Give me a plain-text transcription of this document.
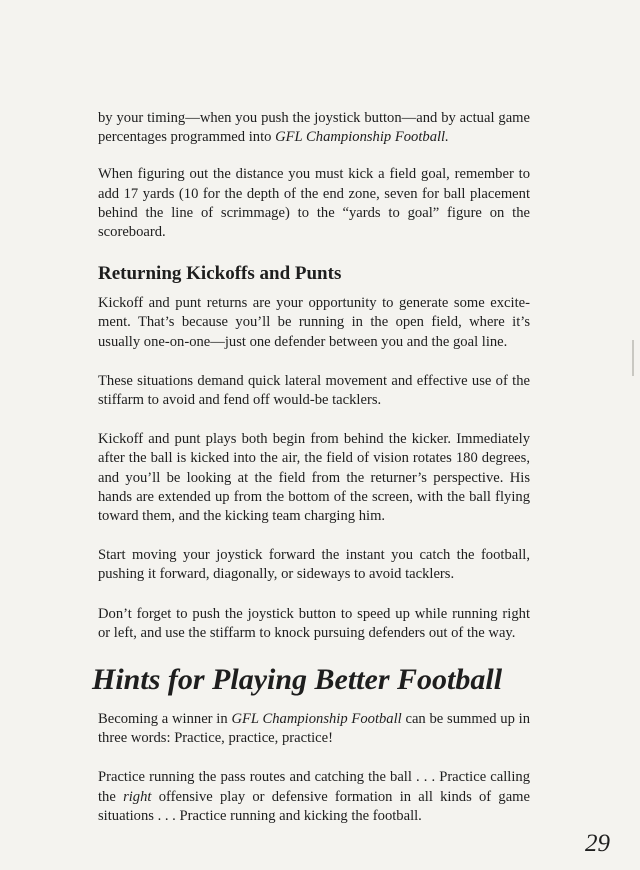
by your timing—when you push the joystick button—and by actual game percentages programmed into GFL Championship Football.

When figuring out the distance you must kick a field goal, remember to add 17 yards (10 for the depth of the end zone, seven for ball placement behind the line of scrimmage) to the “yards to goal” figure on the scoreboard.

Returning Kickoffs and Punts

Kickoff and punt returns are your opportunity to generate some excitement. That’s because you’ll be running in the open field, where it’s usually one-on-one—just one defender between you and the goal line.

These situations demand quick lateral movement and effective use of the stiffarm to avoid and fend off would-be tacklers.

Kickoff and punt plays both begin from behind the kicker. Immediately after the ball is kicked into the air, the field of vision rotates 180 degrees, and you’ll be looking at the field from the returner’s perspective. His hands are extended up from the bottom of the screen, with the ball flying toward them, and the kicking team charging him.

Start moving your joystick forward the instant you catch the football, pushing it forward, diagonally, or sideways to avoid tacklers.

Don’t forget to push the joystick button to speed up while running right or left, and use the stiffarm to knock pursuing defenders out of the way.

Hints for Playing Better Football

Becoming a winner in GFL Championship Football can be summed up in three words: Practice, practice, practice!

Practice running the pass routes and catching the ball . . . Practice calling the right offensive play or defensive formation in all kinds of game situations . . . Practice running and kicking the football.

29
